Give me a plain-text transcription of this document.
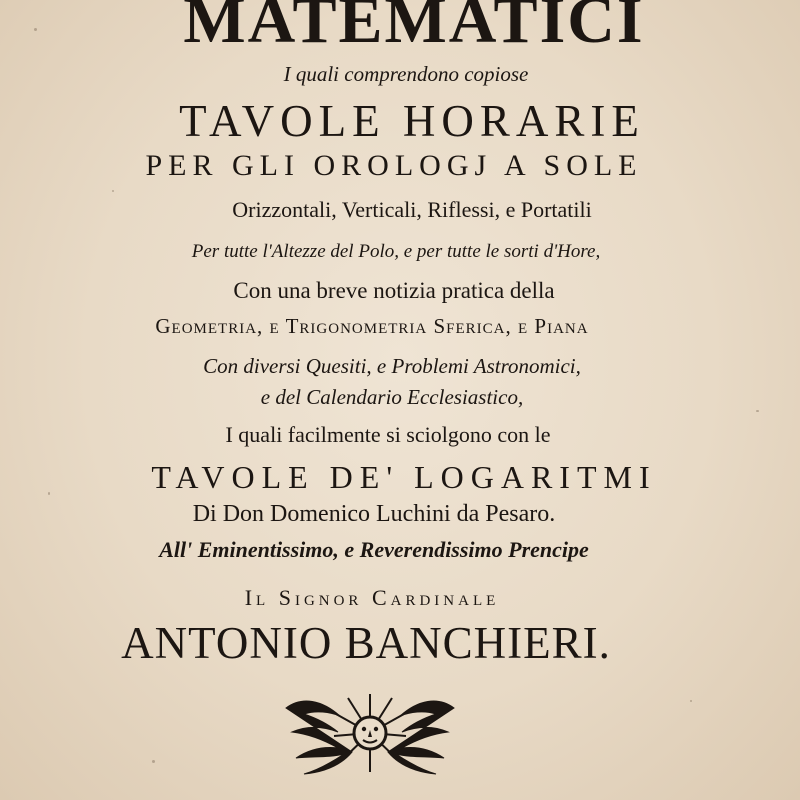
MATEMATICI
I quali comprendono copiose
TAVOLE HORARIE
PER GLI OROLOGJ A SOLE
Orizzontali, Verticali, Riflessi, e Portatili
Per tutte l'Altezze del Polo, e per tutte le sorti d'Hore,
Con una breve notizia pratica della
Geometria, e Trigonometria Sferica, e Piana
Con diversi Quesiti, e Problemi Astronomici,
e del Calendario Ecclesiastico,
I quali facilmente si sciolgono con le
TAVOLE DE' LOGARITMI
Di Don Domenico Luchini da Pesaro.
All' Eminentissimo, e Reverendissimo Prencipe
Il Signor Cardinale
ANTONIO BANCHIERI.
